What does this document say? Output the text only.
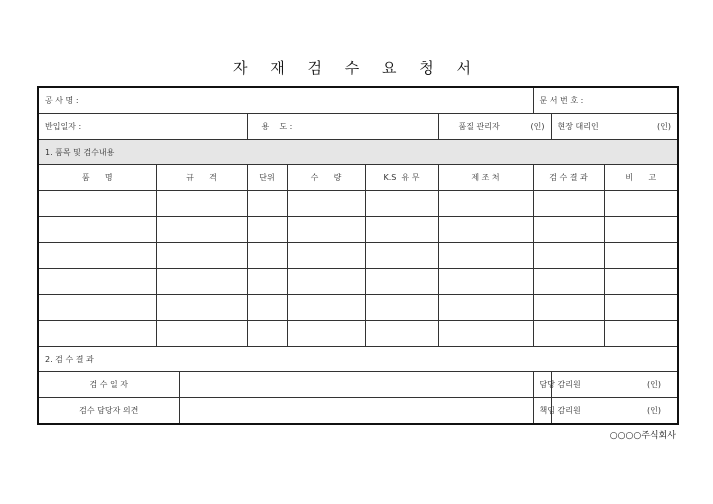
자 재 검 수 요 청 서
공 사 명 :							문 서 번 호 :		
반입일자 :			용    도 :			품질 관리자 (인)		현장 대리인 (인)	

1. 품목 및 검수내용									
품      명	규      격		단위	수      량	K.S  유 무	제 조 처	검 수 결 과		비      고

2. 검 수 결 과									
검 수 일 자							담당 감리원	(인)	
검수 담당자 의견							책임 감리원	(인)	
○○○○주식회사
